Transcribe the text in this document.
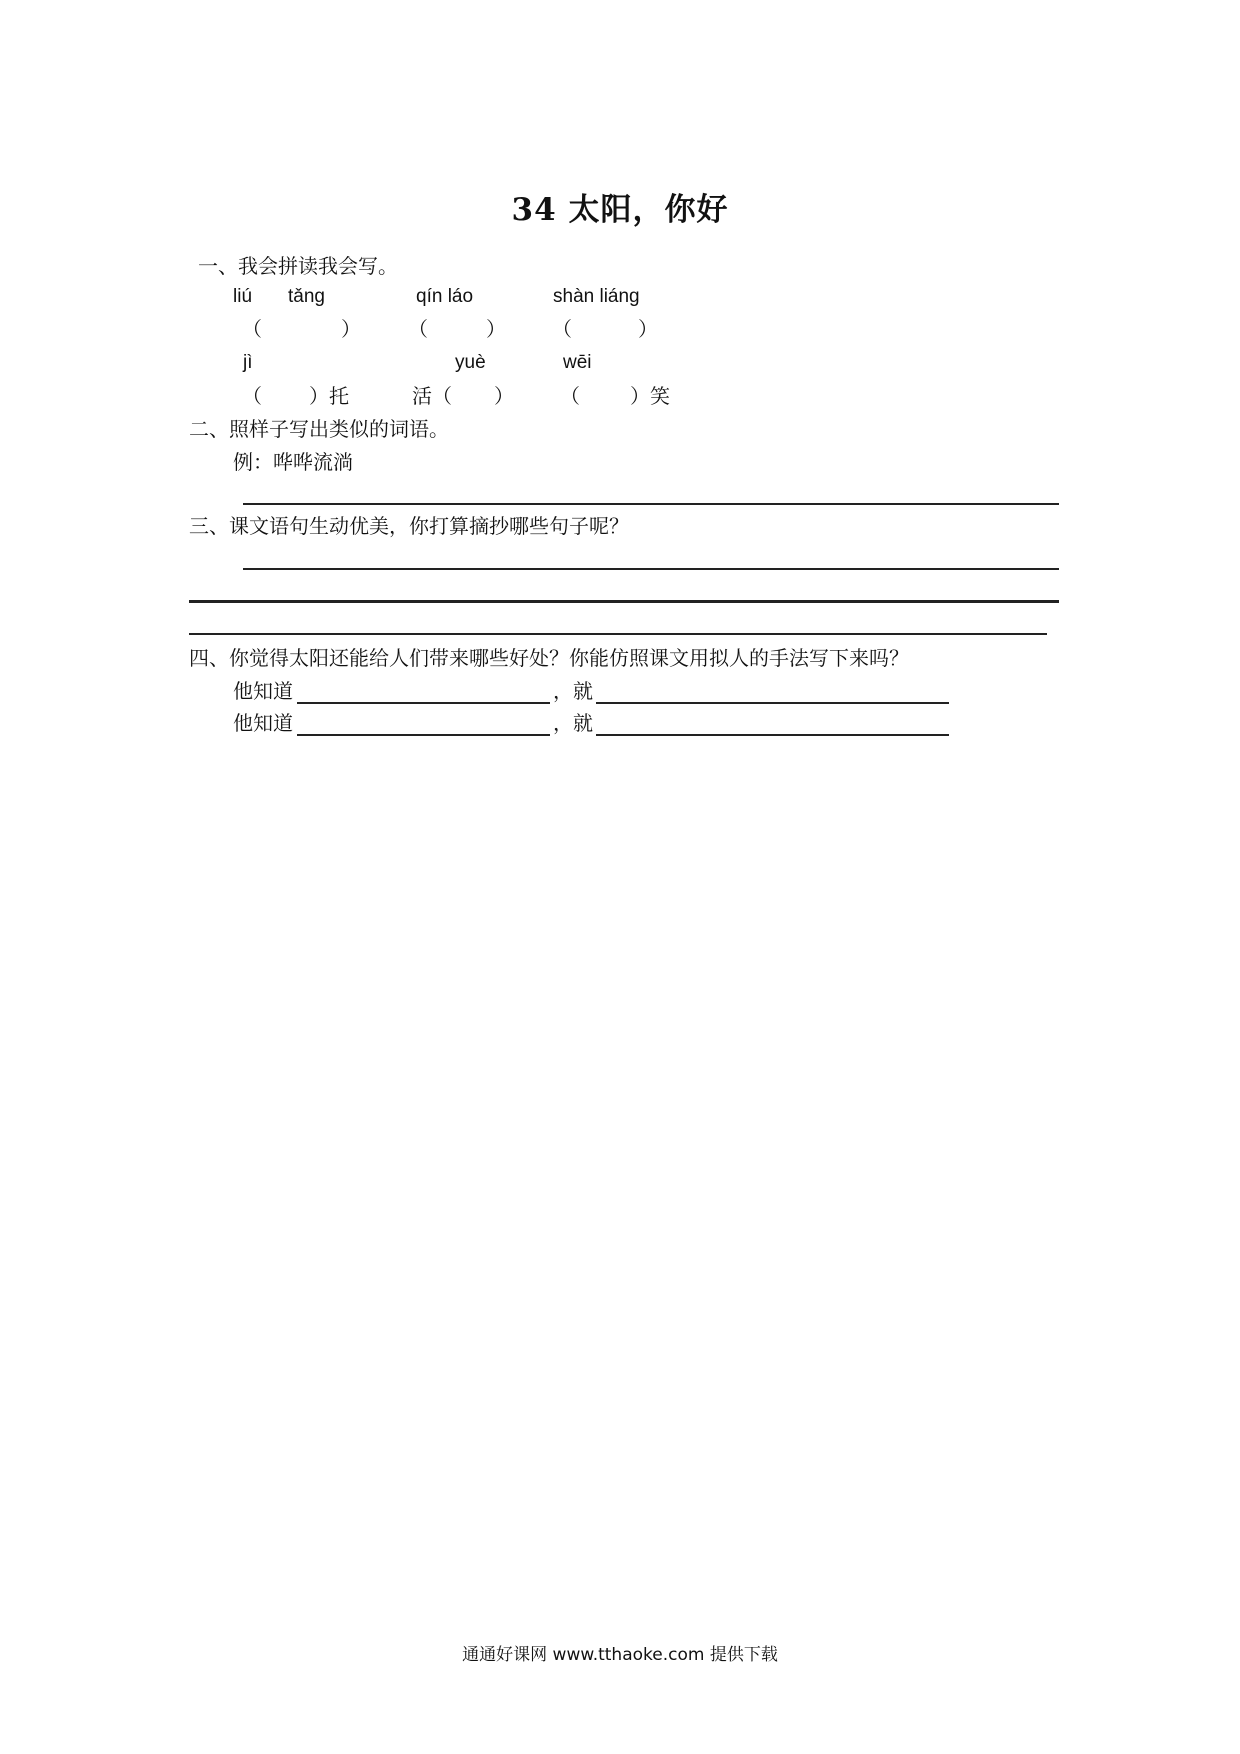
34 太阳，你好
一、我会拼读我会写。
liú tǎng	qín láo	shàn liáng
（	） （	） （	）
jì	yuè	wēi
（ ）托	活（ ） （	）笑
二、照样子写出类似的词语。
例：哗哗流淌
三、课文语句生动优美，你打算摘抄哪些句子呢？
四、你觉得太阳还能给人们带来哪些好处？你能仿照课文用拟人的手法写下来吗？
他知道	，就
他知道	，就
通通好课网 www.tthaoke.com 提供下载
